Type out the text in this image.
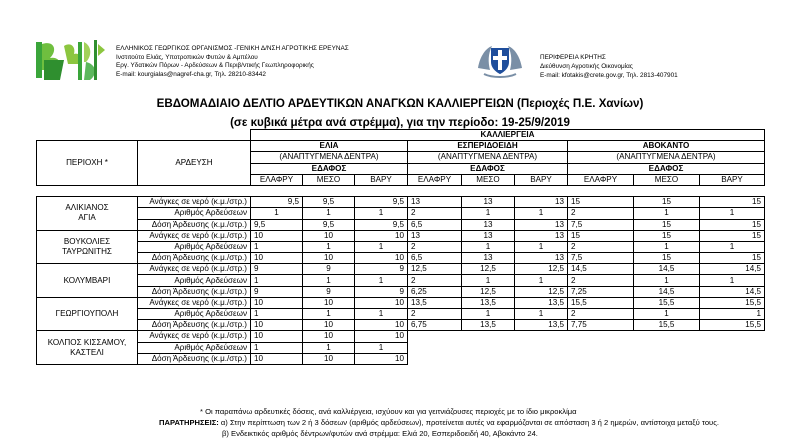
ΕΛΛΗΝΙΚΟΣ ΓΕΩΡΓΙΚΟΣ ΟΡΓΑΝΙΣΜΟΣ -ΓΕΝΙΚΗ Δ/ΝΣΗ ΑΓΡΟΤΙΚΗΣ ΕΡΕΥΝΑΣ
Ινστιτούτο Ελιάς, Υποτροπικών Φυτών & Αμπέλου
Εργ. Υδατικών Πόρων - Αρδεύσεων & Περιβ/ντικής Γεωπληροφορικής
E-mail: kourgialas@nagref-cha.gr, Τηλ. 28210-83442
ΠΕΡΙΦΕΡΕΙΑ ΚΡΗΤΗΣ
Διεύθυνση Αγροτικής Οικονομίας
E-mail: kfotakis@crete.gov.gr, Τηλ. 2813-407901
ΕΒΔΟΜΑΔΙΑΙΟ ΔΕΛΤΙΟ ΑΡΔΕΥΤΙΚΩΝ ΑΝΑΓΚΩΝ ΚΑΛΛΙΕΡΓΕΙΩΝ (Περιοχές Π.Ε. Χανίων)
(σε κυβικά μέτρα ανά στρέμμα), για την περίοδο: 19-25/9/2019
		ΚΑΛΛΙΕΡΓΕΙΑ								
ΠΕΡΙΟΧΗ *	ΑΡΔΕΥΣΗ	ΕΛΙΑ			ΕΣΠΕΡΙΔΟΕΙΔΗ			ΑΒΟΚΑΝΤΟ		
		(ΑΝΑΠΤΥΓΜΕΝΑ ΔΕΝΤΡΑ)			(ΑΝΑΠΤΥΓΜΕΝΑ ΔΕΝΤΡΑ)			(ΑΝΑΠΤΥΓΜΕΝΑ ΔΕΝΤΡΑ)		
		ΕΔΑΦΟΣ			ΕΔΑΦΟΣ			ΕΔΑΦΟΣ		
		ΕΛΑΦΡΥ	ΜΕΣΟ	ΒΑΡΥ	ΕΛΑΦΡΥ	ΜΕΣΟ	ΒΑΡΥ	ΕΛΑΦΡΥ	ΜΕΣΟ	ΒΑΡΥ

ΑΛΙΚΙΑΝΟΣ
ΑΓΙΑ	Ανάγκες σε νερό (κ.μ./στρ.)	9,5	9,5	9,5	13	13	13	15	15	15
	Αριθμός Αρδεύσεων	1	1	1	2	1	1	2	1	1
	Δόση Άρδευσης (κ.μ./στρ.)	9,5	9,5	9,5	6,5	13	13	7,5	15	15
ΒΟΥΚΟΛΙΕΣ
ΤΑΥΡΩΝΙΤΗΣ	Ανάγκες σε νερό (κ.μ./στρ.)	10	10	10	13	13	13	15	15	15
	Αριθμός Αρδεύσεων	1	1	1	2	1	1	2	1	1
	Δόση Άρδευσης (κ.μ./στρ.)	10	10	10	6,5	13	13	7,5	15	15
ΚΟΛΥΜΒΑΡΙ	Ανάγκες σε νερό (κ.μ./στρ.)	9	9	9	12,5	12,5	12,5	14,5	14,5	14,5
	Αριθμός Αρδεύσεων	1	1	1	2	1	1	2	1	1
	Δόση Άρδευσης (κ.μ./στρ.)	9	9	9	6,25	12,5	12,5	7,25	14,5	14,5
ΓΕΩΡΓΙΟΥΠΟΛΗ	Ανάγκες σε νερό (κ.μ./στρ.)	10	10	10	13,5	13,5	13,5	15,5	15,5	15,5
	Αριθμός Αρδεύσεων	1	1	1	2	1	1	2	1	1
	Δόση Άρδευσης (κ.μ./στρ.)	10	10	10	6,75	13,5	13,5	7,75	15,5	15,5
ΚΟΛΠΟΣ ΚΙΣΣΑΜΟΥ,
ΚΑΣΤΕΛΙ	Ανάγκες σε νερό (κ.μ./στρ.)	10	10	10						
	Αριθμός Αρδεύσεων	1	1	1						
	Δόση Άρδευσης (κ.μ./στρ.)	10	10	10						
* Οι παραπάνω αρδευτικές δόσεις, ανά καλλιέργεια, ισχύουν και για γειτνιάζουσες περιοχές με το ίδιο μικροκλίμα
ΠΑΡΑΤΗΡΗΣΕΙΣ: α) Στην περίπτωση των 2 ή 3 δόσεων (αριθμός αρδεύσεων), προτείνεται αυτές να εφαρμόζονται σε απόσταση 3 ή 2 ημερών, αντίστοιχα μεταξύ τους.
β) Ενδεικτικός αριθμός δέντρων/φυτών ανά στρέμμα: Ελιά 20, Εσπεριδοειδή 40, Αβοκάντο 24.
